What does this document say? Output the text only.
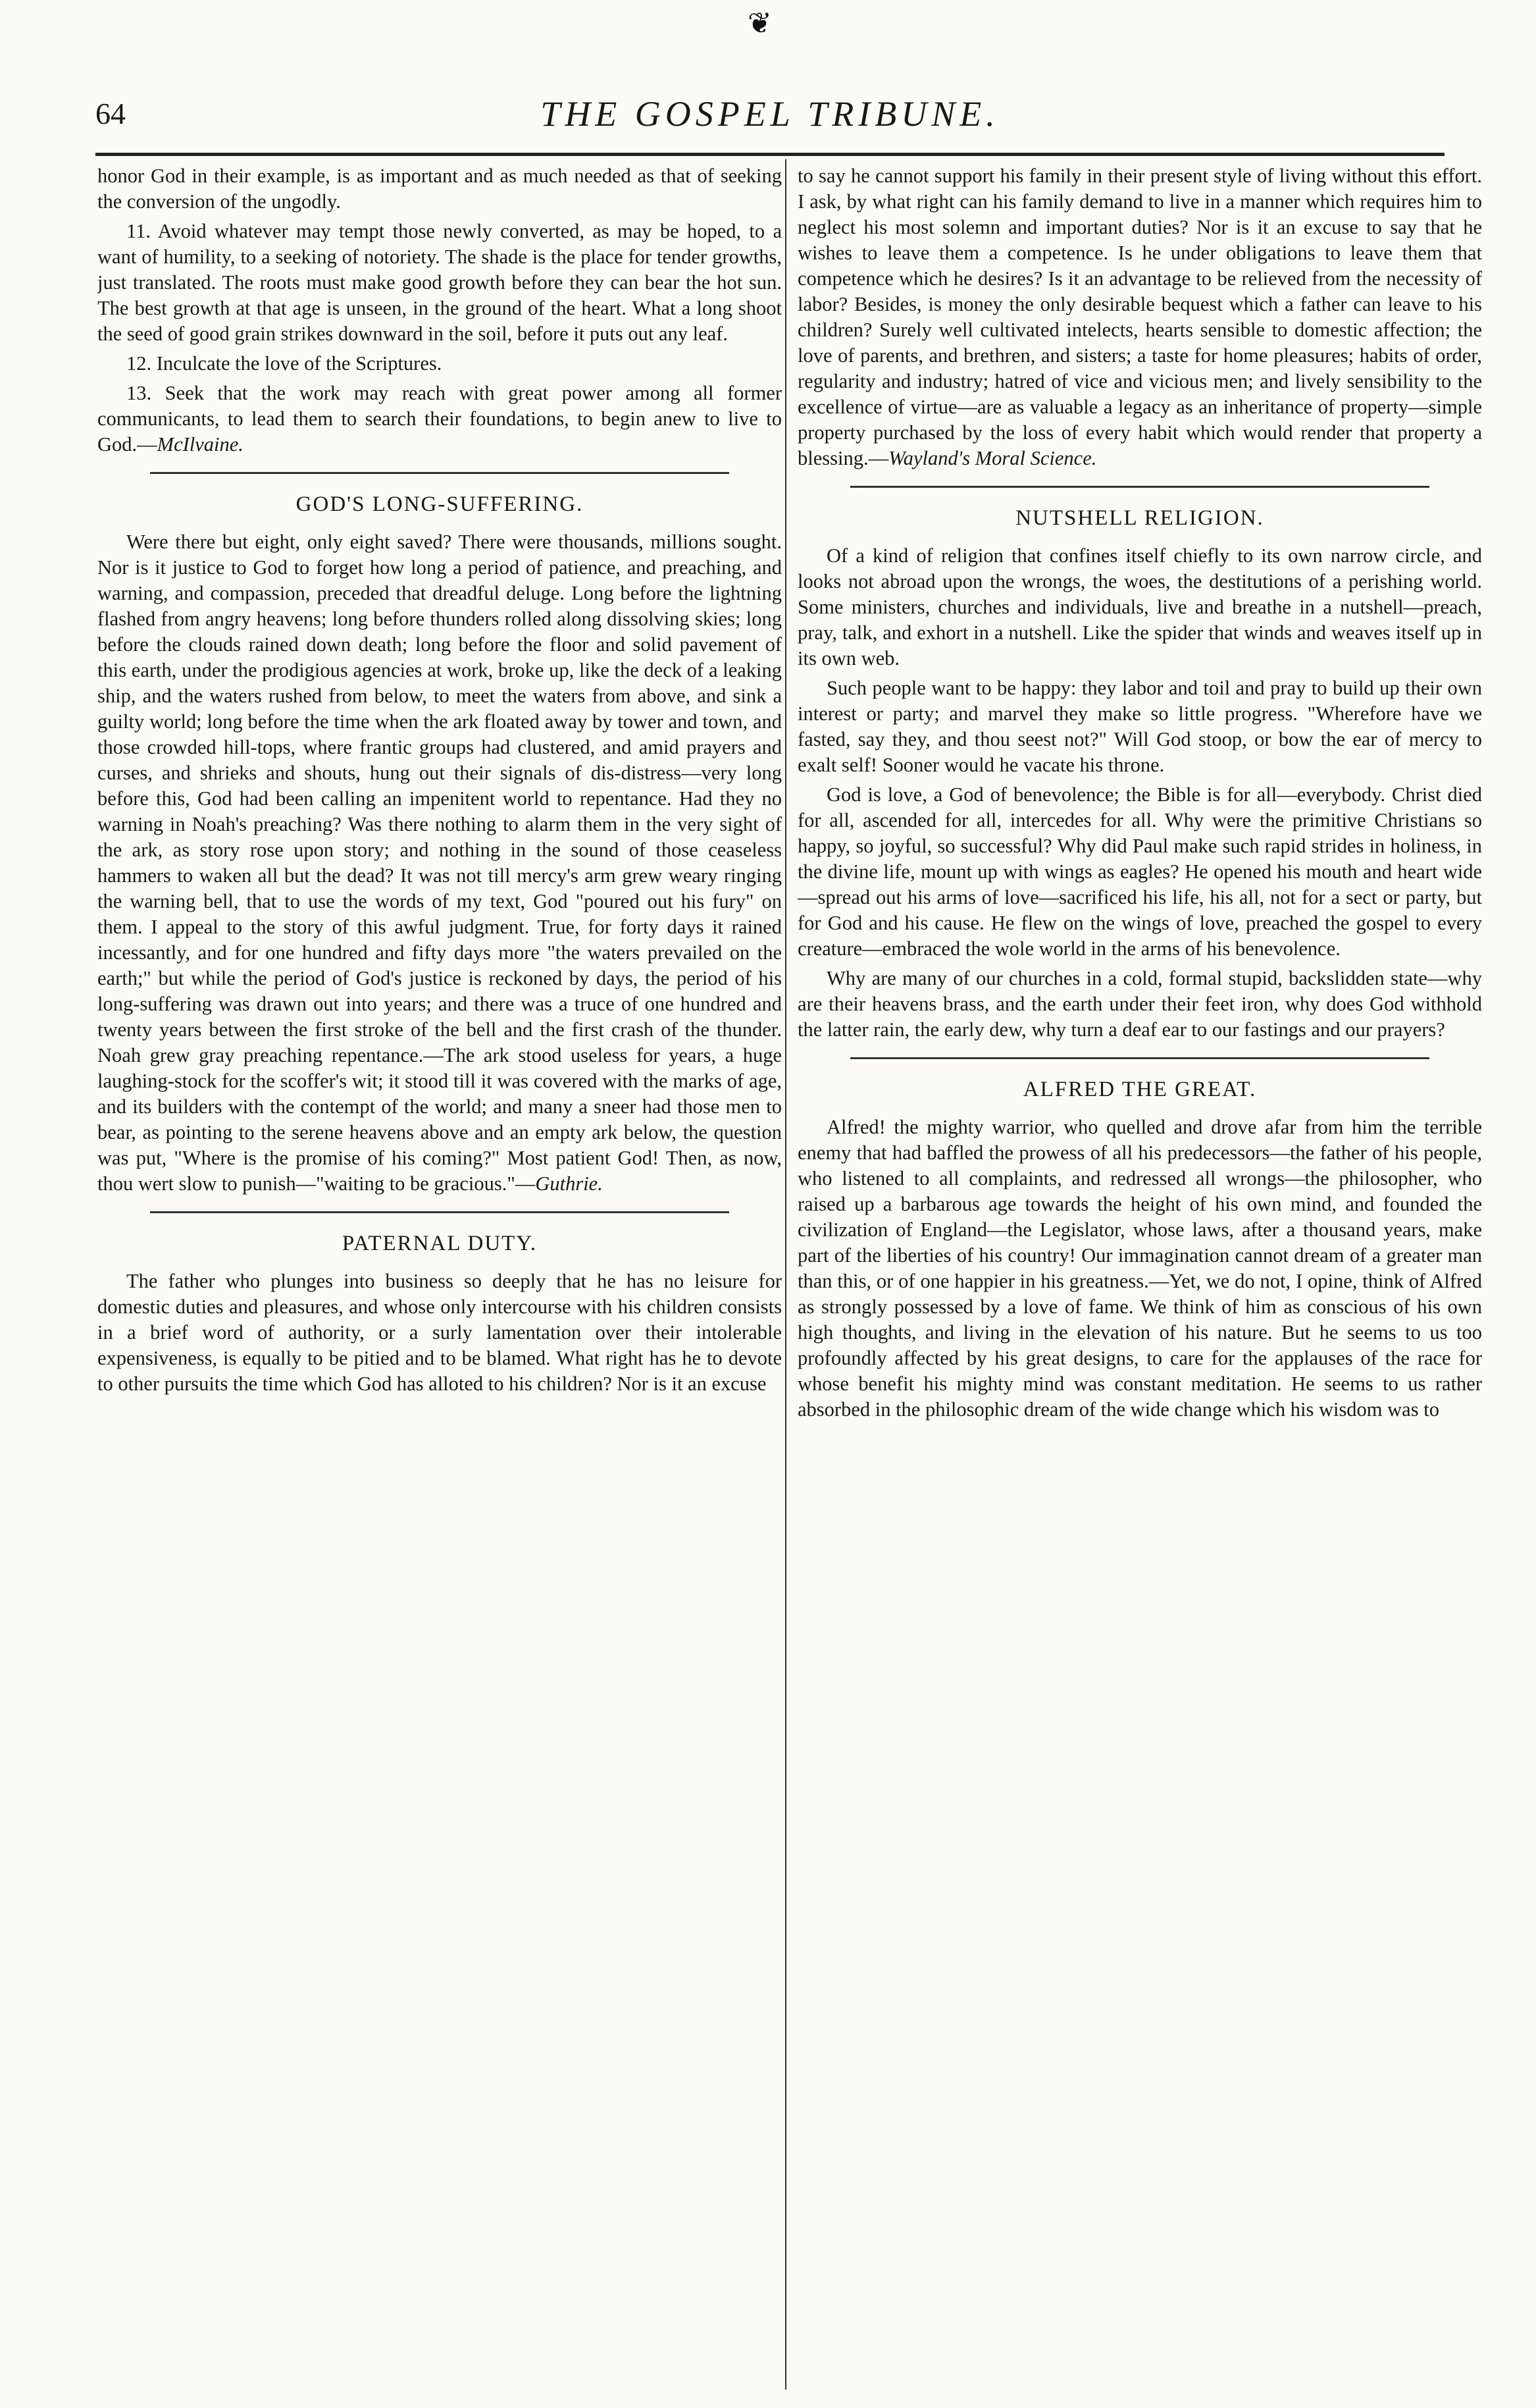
❦
64	THE GOSPEL TRIBUNE.

honor God in their example, is as important and as much needed as that of seeking the conversion of the ungodly.

11. Avoid whatever may tempt those newly converted, as may be hoped, to a want of humility, to a seeking of notoriety. The shade is the place for tender growths, just translated. The roots must make good growth before they can bear the hot sun. The best growth at that age is unseen, in the ground of the heart. What a long shoot the seed of good grain strikes downward in the soil, before it puts out any leaf.

12. Inculcate the love of the Scriptures.

13. Seek that the work may reach with great power among all former communicants, to lead them to search their foundations, to begin anew to live to God.—McIlvaine.

GOD'S LONG-SUFFERING.

Were there but eight, only eight saved? There were thousands, millions sought. Nor is it justice to God to forget how long a period of patience, and preaching, and warning, and compassion, preceded that dreadful deluge. Long before the lightning flashed from angry heavens; long before thunders rolled along dissolving skies; long before the clouds rained down death; long before the floor and solid pavement of this earth, under the prodigious agencies at work, broke up, like the deck of a leaking ship, and the waters rushed from below, to meet the waters from above, and sink a guilty world; long before the time when the ark floated away by tower and town, and those crowded hill-tops, where frantic groups had clustered, and amid prayers and curses, and shrieks and shouts, hung out their signals of dis-distress—very long before this, God had been calling an impenitent world to repentance. Had they no warning in Noah's preaching? Was there nothing to alarm them in the very sight of the ark, as story rose upon story; and nothing in the sound of those ceaseless hammers to waken all but the dead? It was not till mercy's arm grew weary ringing the warning bell, that to use the words of my text, God "poured out his fury" on them. I appeal to the story of this awful judgment. True, for forty days it rained incessantly, and for one hundred and fifty days more "the waters prevailed on the earth;" but while the period of God's justice is reckoned by days, the period of his long-suffering was drawn out into years; and there was a truce of one hundred and twenty years between the first stroke of the bell and the first crash of the thunder. Noah grew gray preaching repentance.—The ark stood useless for years, a huge laughing-stock for the scoffer's wit; it stood till it was covered with the marks of age, and its builders with the contempt of the world; and many a sneer had those men to bear, as pointing to the serene heavens above and an empty ark below, the question was put, "Where is the promise of his coming?" Most patient God! Then, as now, thou wert slow to punish—"waiting to be gracious."—Guthrie.

PATERNAL DUTY.

The father who plunges into business so deeply that he has no leisure for domestic duties and pleasures, and whose only intercourse with his children consists in a brief word of authority, or a surly lamentation over their intolerable expensiveness, is equally to be pitied and to be blamed. What right has he to devote to other pursuits the time which God has alloted to his children? Nor is it an excuse

to say he cannot support his family in their present style of living without this effort. I ask, by what right can his family demand to live in a manner which requires him to neglect his most solemn and important duties? Nor is it an excuse to say that he wishes to leave them a competence. Is he under obligations to leave them that competence which he desires? Is it an advantage to be relieved from the necessity of labor? Besides, is money the only desirable bequest which a father can leave to his children? Surely well cultivated intelects, hearts sensible to domestic affection; the love of parents, and brethren, and sisters; a taste for home pleasures; habits of order, regularity and industry; hatred of vice and vicious men; and lively sensibility to the excellence of virtue—are as valuable a legacy as an inheritance of property—simple property purchased by the loss of every habit which would render that property a blessing.—Wayland's Moral Science.

NUTSHELL RELIGION.

Of a kind of religion that confines itself chiefly to its own narrow circle, and looks not abroad upon the wrongs, the woes, the destitutions of a perishing world. Some ministers, churches and individuals, live and breathe in a nutshell—preach, pray, talk, and exhort in a nutshell. Like the spider that winds and weaves itself up in its own web.

Such people want to be happy: they labor and toil and pray to build up their own interest or party; and marvel they make so little progress. "Wherefore have we fasted, say they, and thou seest not?" Will God stoop, or bow the ear of mercy to exalt self! Sooner would he vacate his throne.

God is love, a God of benevolence; the Bible is for all—everybody. Christ died for all, ascended for all, intercedes for all. Why were the primitive Christians so happy, so joyful, so successful? Why did Paul make such rapid strides in holiness, in the divine life, mount up with wings as eagles? He opened his mouth and heart wide—spread out his arms of love—sacrificed his life, his all, not for a sect or party, but for God and his cause. He flew on the wings of love, preached the gospel to every creature—embraced the wole world in the arms of his benevolence.

Why are many of our churches in a cold, formal stupid, backslidden state—why are their heavens brass, and the earth under their feet iron, why does God withhold the latter rain, the early dew, why turn a deaf ear to our fastings and our prayers?

ALFRED THE GREAT.

Alfred! the mighty warrior, who quelled and drove afar from him the terrible enemy that had baffled the prowess of all his predecessors—the father of his people, who listened to all complaints, and redressed all wrongs—the philosopher, who raised up a barbarous age towards the height of his own mind, and founded the civilization of England—the Legislator, whose laws, after a thousand years, make part of the liberties of his country! Our immagination cannot dream of a greater man than this, or of one happier in his greatness.—Yet, we do not, I opine, think of Alfred as strongly possessed by a love of fame. We think of him as conscious of his own high thoughts, and living in the elevation of his nature. But he seems to us too profoundly affected by his great designs, to care for the applauses of the race for whose benefit his mighty mind was constant meditation. He seems to us rather absorbed in the philosophic dream of the wide change which his wisdom was to
